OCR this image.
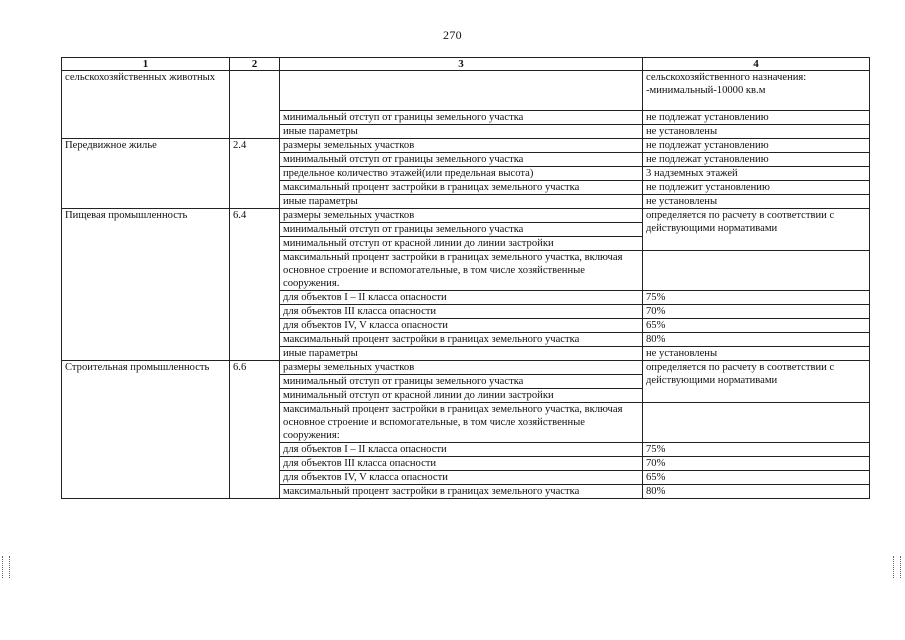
270
1	2	3	4
сельскохозяйственных животных			сельскохозяйственного назначения: -минимальный-10000 кв.м
		минимальный отступ от границы земельного участка	не подлежат установлению
		иные параметры	не установлены
Передвижное жилье	2.4	размеры земельных участков	не подлежат установлению
		минимальный отступ от границы земельного участка	не подлежат установлению
		предельное количество этажей(или предельная высота)	3 надземных этажей
		максимальный процент застройки в границах земельного участка	не подлежит установлению
		иные параметры	не установлены
Пищевая промышленность	6.4	размеры земельных участков	определяется по расчету в соответствии с действующими нормативами
		минимальный отступ от границы земельного участка	
		минимальный отступ от красной линии до линии застройки	
		максимальный процент застройки в границах земельного участка, включая основное строение и вспомогательные, в том числе хозяйственные сооружения.	
		для объектов I – II класса опасности	75%
		для объектов III класса опасности	70%
		для объектов IV, V класса опасности	65%
		максимальный процент застройки в границах земельного участка	80%
		иные параметры	не установлены
Строительная промышленность	6.6	размеры земельных участков	определяется по расчету в соответствии с действующими нормативами
		минимальный отступ от границы земельного участка	
		минимальный отступ от красной линии до линии застройки	
		максимальный процент застройки в границах земельного участка, включая основное строение и вспомогательные, в том числе хозяйственные сооружения:	
		для объектов I – II класса опасности	75%
		для объектов III класса опасности	70%
		для объектов IV, V класса опасности	65%
		максимальный процент застройки в границах земельного участка	80%
